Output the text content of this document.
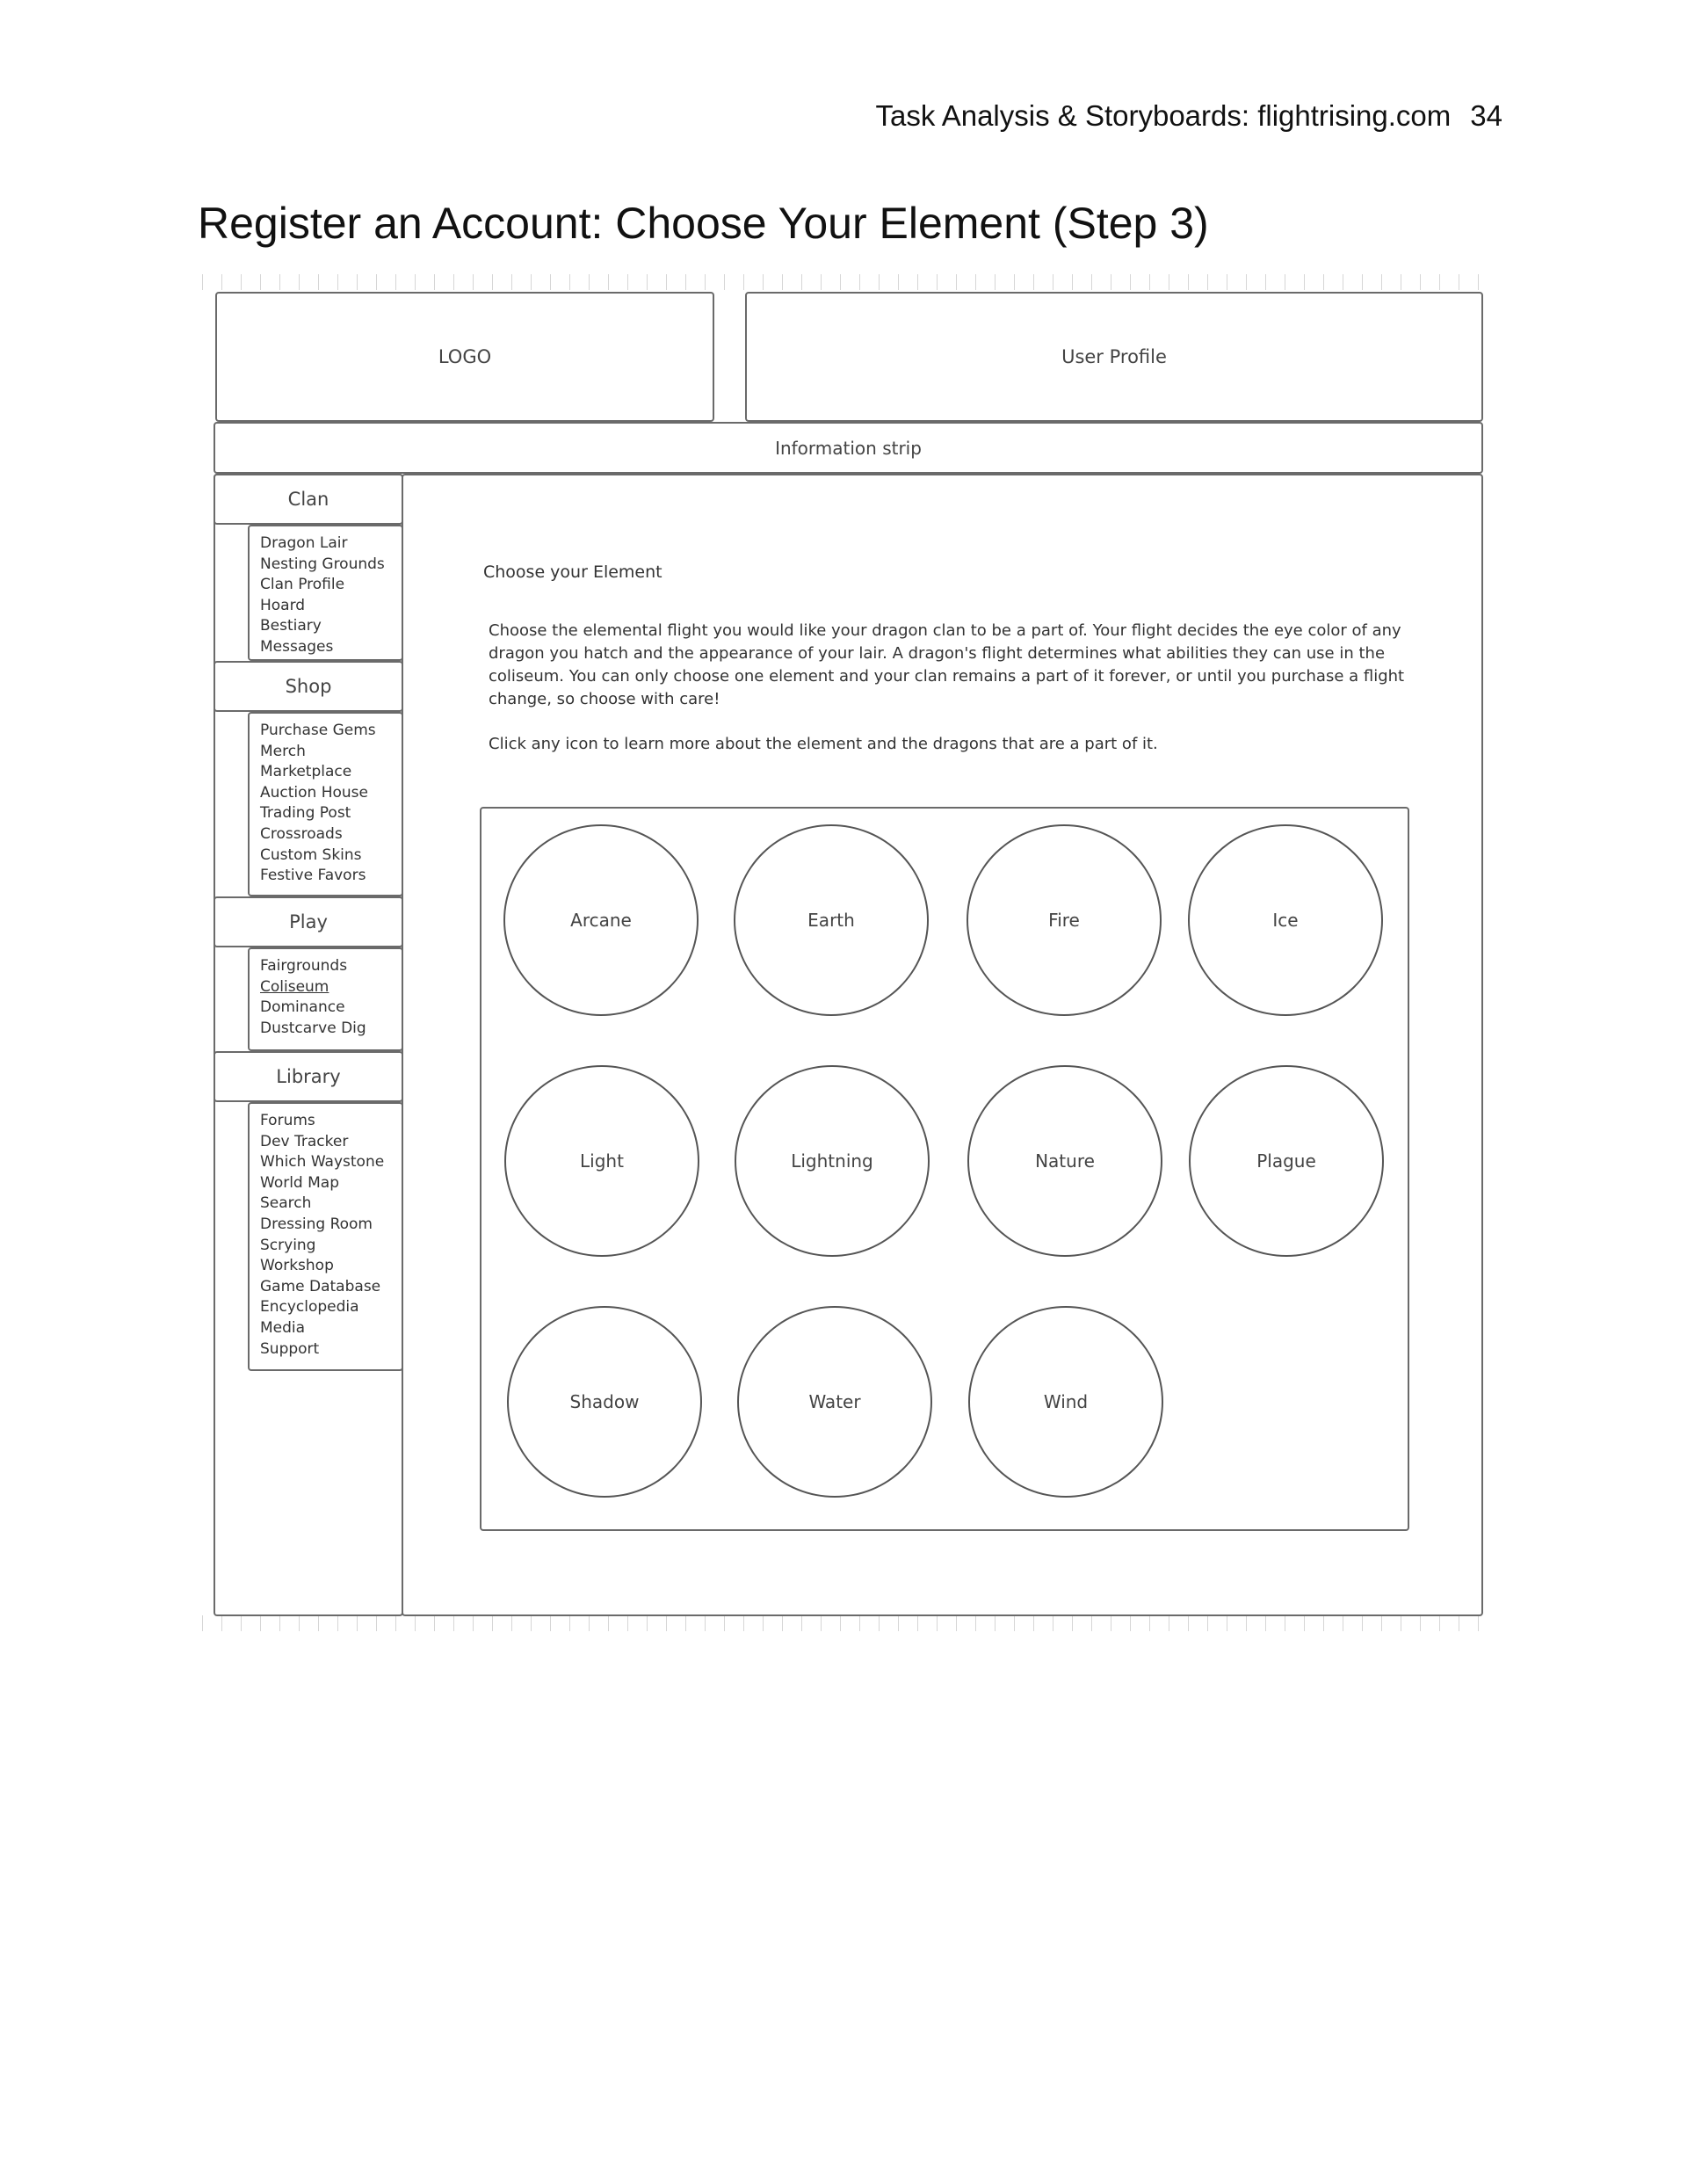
Task Analysis & Storyboards: flightrising.com 34
Register an Account: Choose Your Element (Step 3)
LOGO	User Profile
Information strip
Clan
Dragon Lair
Nesting Grounds
Clan Profile
Hoard
Bestiary
Messages
Shop
Purchase Gems
Merch
Marketplace
Auction House
Trading Post
Crossroads
Custom Skins
Festive Favors
Play
Fairgrounds
Coliseum
Dominance
Dustcarve Dig
Library
Forums
Dev Tracker
Which Waystone
World Map
Search
Dressing Room
Scrying
Workshop
Game Database
Encyclopedia
Media
Support
Choose your Element

Choose the elemental flight you would like your dragon clan to be a part of. Your flight decides the eye color of any dragon you hatch and the appearance of your lair. A dragon's flight determines what abilities they can use in the coliseum. You can only choose one element and your clan remains a part of it forever, or until you purchase a flight change, so choose with care!

Click any icon to learn more about the element and the dragons that are a part of it.

Arcane	Earth	Fire	Ice
Light	Lightning	Nature	Plague
Shadow	Water	Wind
